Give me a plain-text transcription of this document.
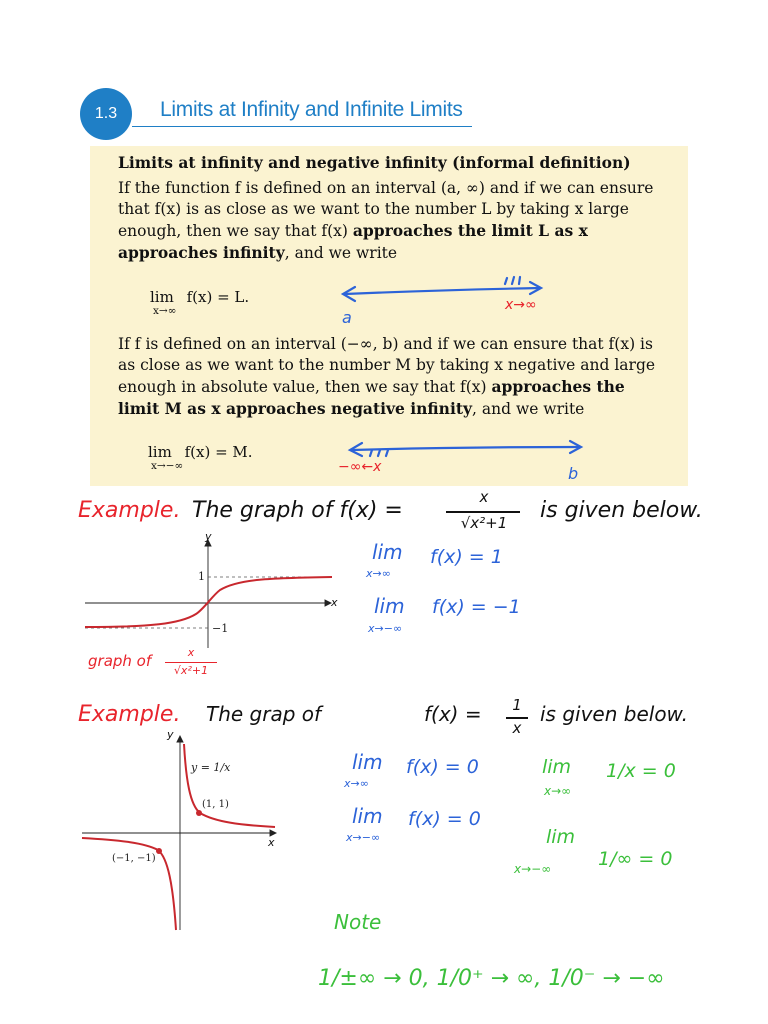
1.3	Limits at Infinity and Infinite Limits
Limits at infinity and negative infinity (informal definition)

If the function f is defined on an interval (a, ∞) and if we can ensure that f(x) is as close as we want to the number L by taking x large enough, then we say that f(x) approaches the limit L as x approaches infinity, and we write

lim
x→∞
f(x) = L.

If f is defined on an interval (−∞, b) and if we can ensure that f(x) is as close as we want to the number M by taking x negative and large enough in absolute value, then we say that f(x) approaches the limit M as x approaches negative infinity, and we write

lim
x→−∞
f(x) = M.
x→∞
a
−∞←x	b
Example. The graph of f(x) =
x
√x²+1	is given below.
y
x
1
−1
graph of	x
√x²+1
lim
x→∞
f(x) = 1
lim
x→−∞
f(x) = −1
Example. The grap of	f(x) =	1
x
is given below.
y
x
y = 1/x
(1, 1)
(−1, −1)
lim
x→∞
f(x) = 0
lim
x→−∞
f(x) = 0
lim
x→∞
1/x = 0
lim
x→−∞ 1/∞ = 0
Note
1/±∞ → 0, 1/0⁺ → ∞, 1/0⁻ → −∞
